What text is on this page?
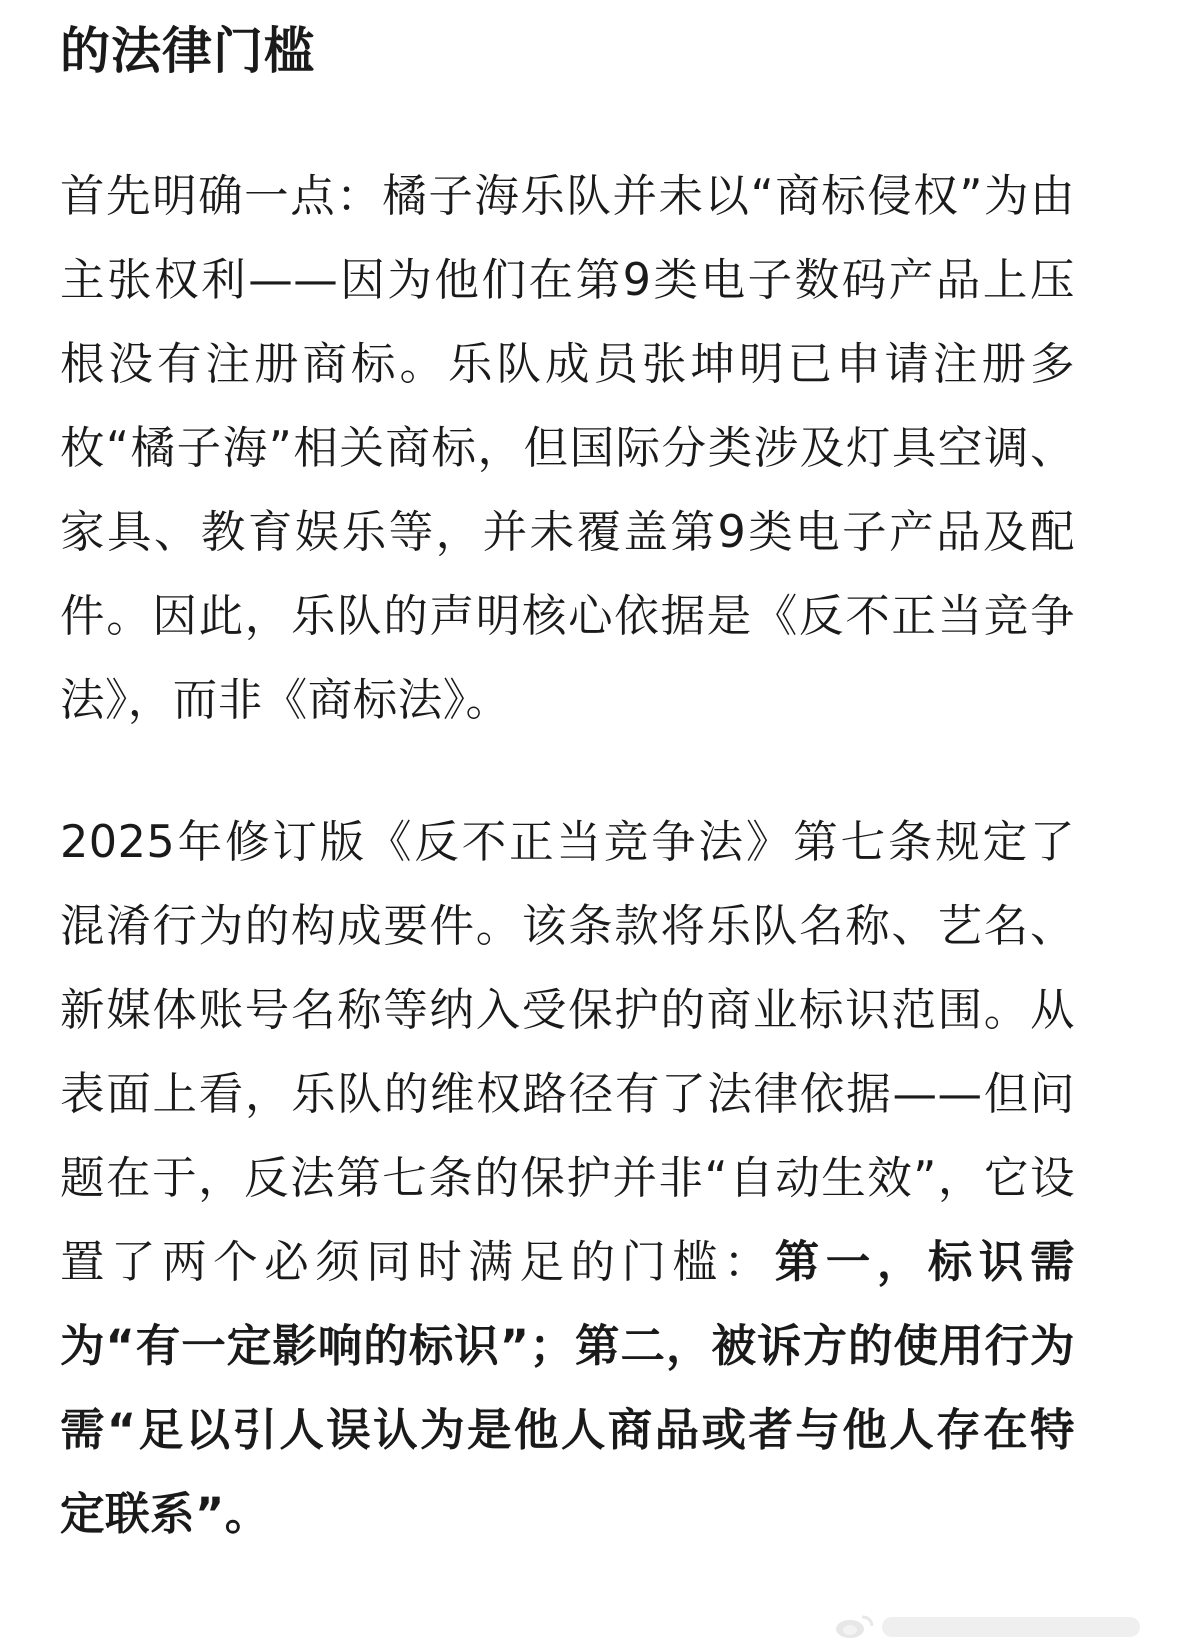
的法律门槛

首先明确一点：橘子海乐队并未以“商标侵权”为由主张权利——因为他们在第9类电子数码产品上压根没有注册商标。乐队成员张坤明已申请注册多枚“橘子海”相关商标，但国际分类涉及灯具空调、家具、教育娱乐等，并未覆盖第9类电子产品及配件。因此，乐队的声明核心依据是《反不正当竞争法》，而非《商标法》。

2025年修订版《反不正当竞争法》第七条规定了混淆行为的构成要件。该条款将乐队名称、艺名、新媒体账号名称等纳入受保护的商业标识范围。从表面上看，乐队的维权路径有了法律依据——但问题在于，反法第七条的保护并非“自动生效”，它设置了两个必须同时满足的门槛：第一，标识需为“有一定影响的标识”；第二，被诉方的使用行为需“足以引人误认为是他人商品或者与他人存在特定联系”。
